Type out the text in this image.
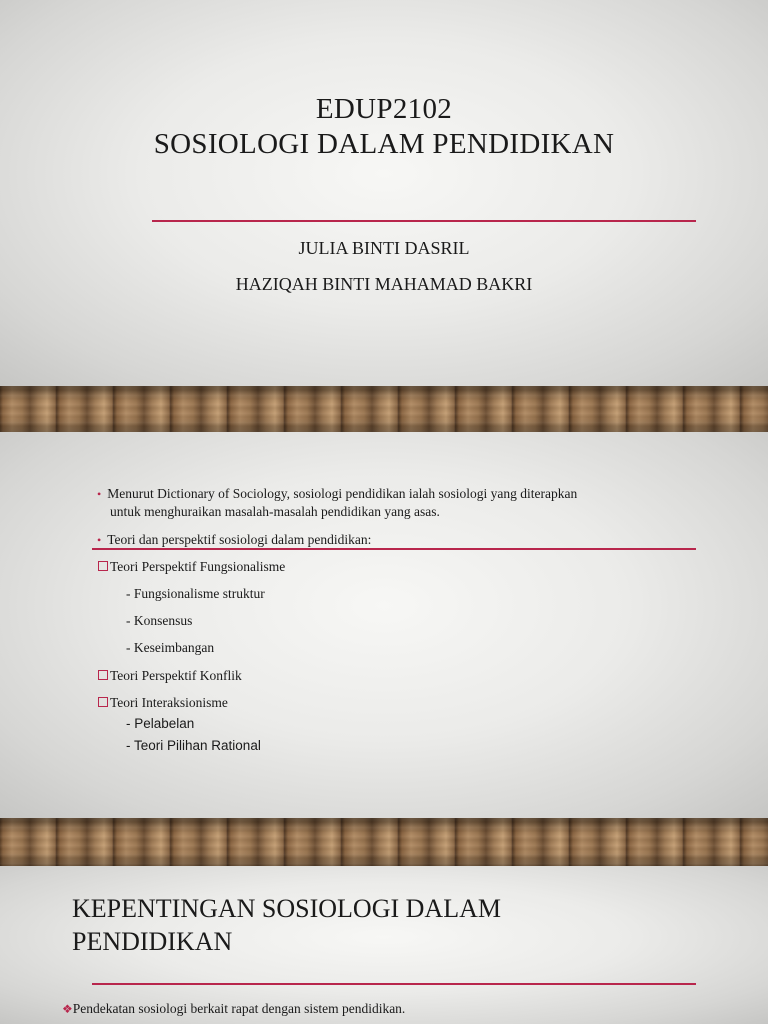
EDUP2102
SOSIOLOGI DALAM PENDIDIKAN
JULIA BINTI DASRIL
HAZIQAH BINTI MAHAMAD BAKRI
• Menurut Dictionary of Sociology, sosiologi pendidikan ialah sosiologi yang diterapkan
untuk menghuraikan masalah-masalah pendidikan yang asas.
• Teori dan perspektif sosiologi dalam pendidikan:
Teori Perspektif Fungsionalisme
- Fungsionalisme struktur
- Konsensus
- Keseimbangan
Teori Perspektif Konflik
Teori Interaksionisme
- Pelabelan
- Teori Pilihan Rational
KEPENTINGAN SOSIOLOGI DALAM
PENDIDIKAN
❖Pendekatan sosiologi berkait rapat dengan sistem pendidikan.
